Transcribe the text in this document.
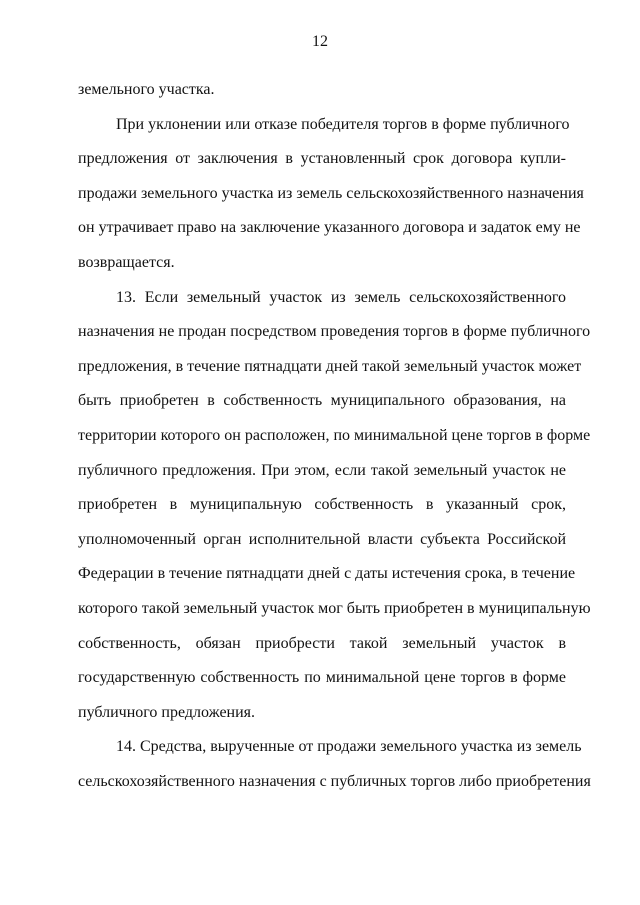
12
земельного участка.
При уклонении или отказе победителя торгов в форме публичного
предложения от заключения в установленный срок договора купли-
продажи земельного участка из земель сельскохозяйственного назначения
он утрачивает право на заключение указанного договора и задаток ему не
возвращается.
13. Если земельный участок из земель сельскохозяйственного
назначения не продан посредством проведения торгов в форме публичного
предложения, в течение пятнадцати дней такой земельный участок может
быть приобретен в собственность муниципального образования, на
территории которого он расположен, по минимальной цене торгов в форме
публичного предложения. При этом, если такой земельный участок не
приобретен в муниципальную собственность в указанный срок,
уполномоченный орган исполнительной власти субъекта Российской
Федерации в течение пятнадцати дней с даты истечения срока, в течение
которого такой земельный участок мог быть приобретен в муниципальную
собственность, обязан приобрести такой земельный участок в
государственную собственность по минимальной цене торгов в форме
публичного предложения.
14. Средства, вырученные от продажи земельного участка из земель
сельскохозяйственного назначения с публичных торгов либо приобретения
